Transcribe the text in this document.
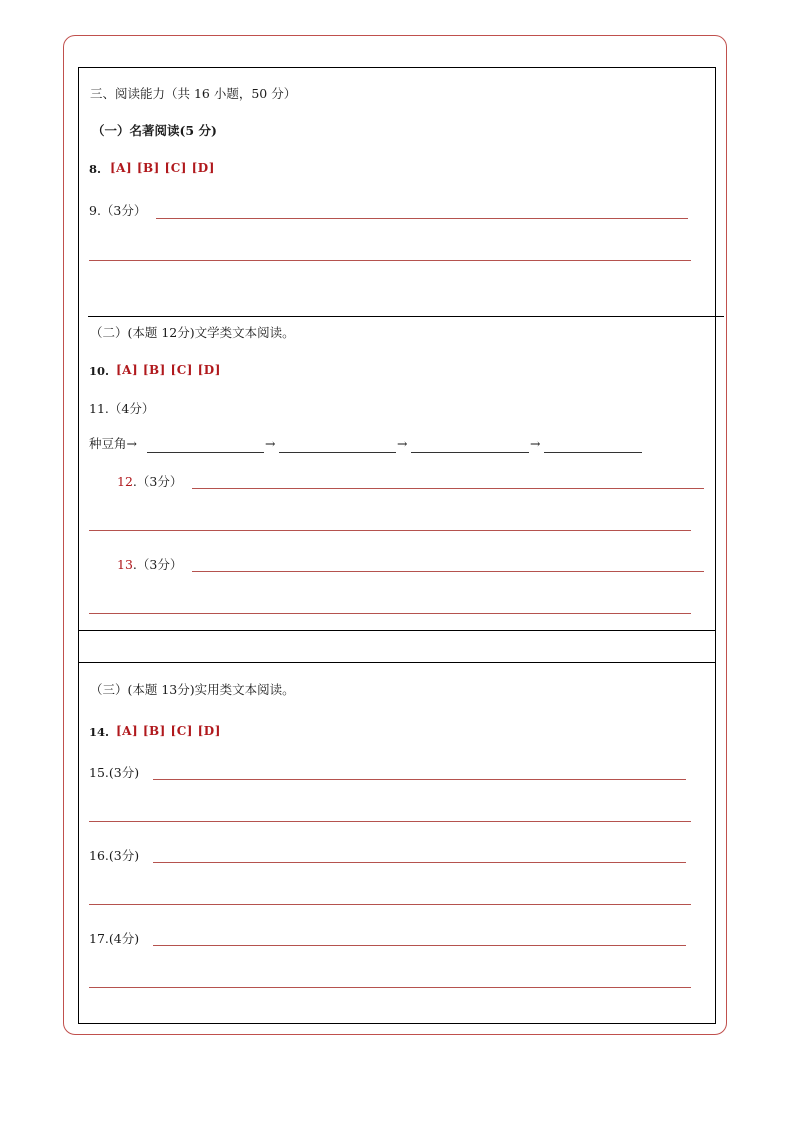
三、阅读能力（共 16 小题，50 分）
（一）名著阅读(5 分)
8. [A] [B] [C] [D]
9.（3分）
（二）(本题 12分)文学类文本阅读。
10. [A] [B] [C] [D]
11.（4分）
种豆角→	→	→	→
12.（3分）
13.（3分）
（三）(本题 13分)实用类文本阅读。
14. [A] [B] [C] [D]
15.(3分)
16.(3分)
17.(4分)
